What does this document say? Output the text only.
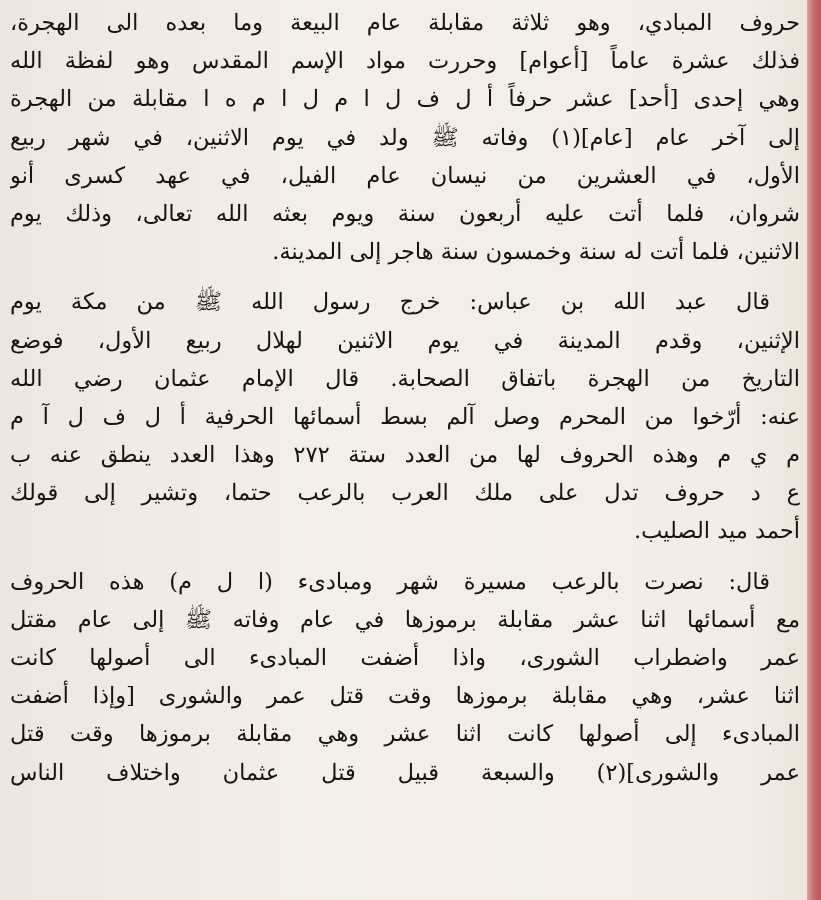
حروف المبادي، وهو ثلاثة مقابلة عام البيعة وما بعده الى الهجرة،
فذلك عشرة عاماً [أعوام] وحررت مواد الإسم المقدس وهو لفظة الله
وهي إحدى [أحد] عشر حرفاً أ ل ف ل ا م ل ا م ه ا مقابلة من الهجرة
إلى آخر عام [عام](١) وفاته ﷺ ولد في يوم الاثنين، في شهر ربيع
الأول، في العشرين من نيسان عام الفيل، في عهد كسرى أنو
شروان، فلما أتت عليه أربعون سنة ويوم بعثه الله تعالى، وذلك يوم
الاثنين، فلما أتت له سنة وخمسون سنة هاجر إلى المدينة.
قال عبد الله بن عباس: خرج رسول الله ﷺ من مكة يوم
الإثنين، وقدم المدينة في يوم الاثنين لهلال ربيع الأول، فوضع
التاريخ من الهجرة باتفاق الصحابة. قال الإمام عثمان رضي الله
عنه: أرّخوا من المحرم وصل آلم بسط أسمائها الحرفية أ ل ف ل آ م
م ي م وهذه الحروف لها من العدد ستة ٢٧٢ وهذا العدد ينطق عنه ب
ع د حروف تدل على ملك العرب بالرعب حتما، وتشير إلى قولك
أحمد ميد الصليب.
قال: نصرت بالرعب مسيرة شهر ومبادىء (ا ل م) هذه الحروف
مع أسمائها اثنا عشر مقابلة برموزها في عام وفاته ﷺ إلى عام مقتل
عمر واضطراب الشورى، واذا أضفت المبادىء الى أصولها كانت
اثنا عشر، وهي مقابلة برموزها وقت قتل عمر والشورى [وإذا أضفت
المبادىء إلى أصولها كانت اثنا عشر وهي مقابلة برموزها وقت قتل
عمر والشورى](٢) والسبعة قبيل قتل عثمان واختلاف الناس
